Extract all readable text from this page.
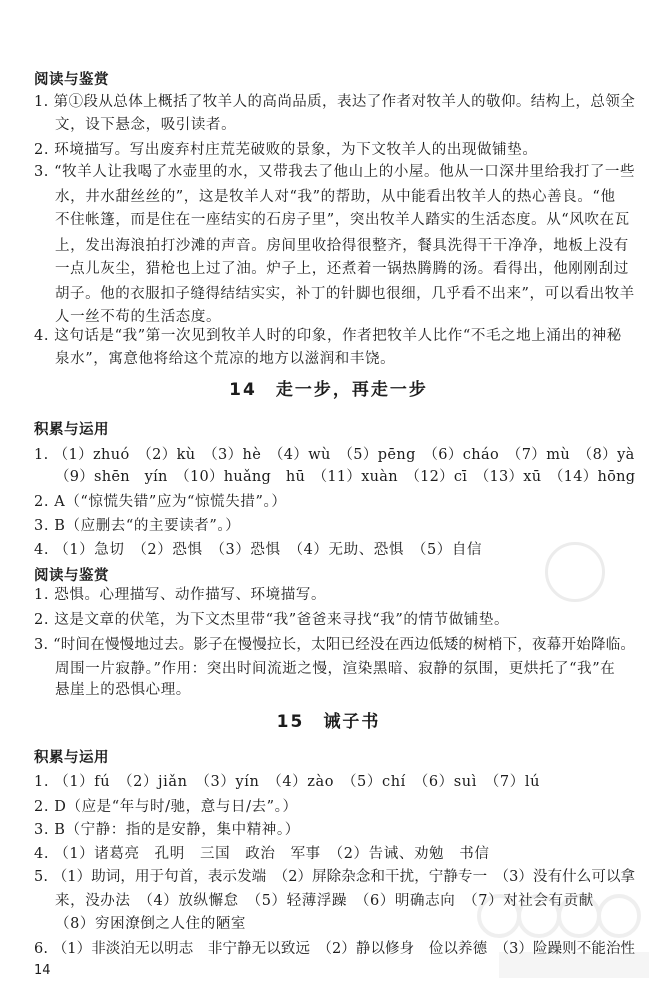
阅读与鉴赏
1. 第①段从总体上概括了牧羊人的高尚品质，表达了作者对牧羊人的敬仰。结构上，总领全
文，设下悬念，吸引读者。
2. 环境描写。写出废弃村庄荒芜破败的景象，为下文牧羊人的出现做铺垫。
3. “牧羊人让我喝了水壶里的水，又带我去了他山上的小屋。他从一口深井里给我打了一些
水，井水甜丝丝的”，这是牧羊人对“我”的帮助，从中能看出牧羊人的热心善良。“他
不住帐篷，而是住在一座结实的石房子里”，突出牧羊人踏实的生活态度。从“风吹在瓦
上，发出海浪拍打沙滩的声音。房间里收拾得很整齐，餐具洗得干干净净，地板上没有
一点儿灰尘，猎枪也上过了油。炉子上，还煮着一锅热腾腾的汤。看得出，他刚刚刮过
胡子。他的衣服扣子缝得结结实实，补丁的针脚也很细，几乎看不出来”，可以看出牧羊
人一丝不苟的生活态度。
4. 这句话是“我”第一次见到牧羊人时的印象，作者把牧羊人比作“不毛之地上涌出的神秘
泉水”，寓意他将给这个荒凉的地方以滋润和丰饶。
14　走一步，再走一步
积累与运用
1. （1）zhuó　（2）kù　（3）hè　（4）wù　（5）pēng　（6）cháo　（7）mù　（8）yà
（9）shēn　yín　（10）huǎng　hū　（11）xuàn　（12）cī　（13）xū　（14）hōng
2. A（“惊慌失错”应为“惊慌失措”。）
3. B（应删去“的主要读者”。）
4. （1）急切　（2）恐惧　（3）恐惧　（4）无助、恐惧　（5）自信
阅读与鉴赏
1. 恐惧。心理描写、动作描写、环境描写。
2. 这是文章的伏笔，为下文杰里带“我”爸爸来寻找“我”的情节做铺垫。
3. “时间在慢慢地过去。影子在慢慢拉长，太阳已经没在西边低矮的树梢下，夜幕开始降临。
周围一片寂静。”作用：突出时间流逝之慢，渲染黑暗、寂静的氛围，更烘托了“我”在
悬崖上的恐惧心理。
15　诫子书
积累与运用
1. （1）fú　（2）jiǎn　（3）yín　（4）zào　（5）chí　（6）suì　（7）lú
2. D（应是“年与时/驰，意与日/去”。）
3. B（宁静：指的是安静，集中精神。）
4. （1）诸葛亮　孔明　三国　政治　军事　（2）告诫、劝勉　书信
5. （1）助词，用于句首，表示发端　（2）屏除杂念和干扰，宁静专一　（3）没有什么可以拿
来，没办法　（4）放纵懈怠　（5）轻薄浮躁　（6）明确志向　（7）对社会有贡献
（8）穷困潦倒之人住的陋室
6. （1）非淡泊无以明志　非宁静无以致远　（2）静以修身　俭以养德　（3）险躁则不能治性
14
